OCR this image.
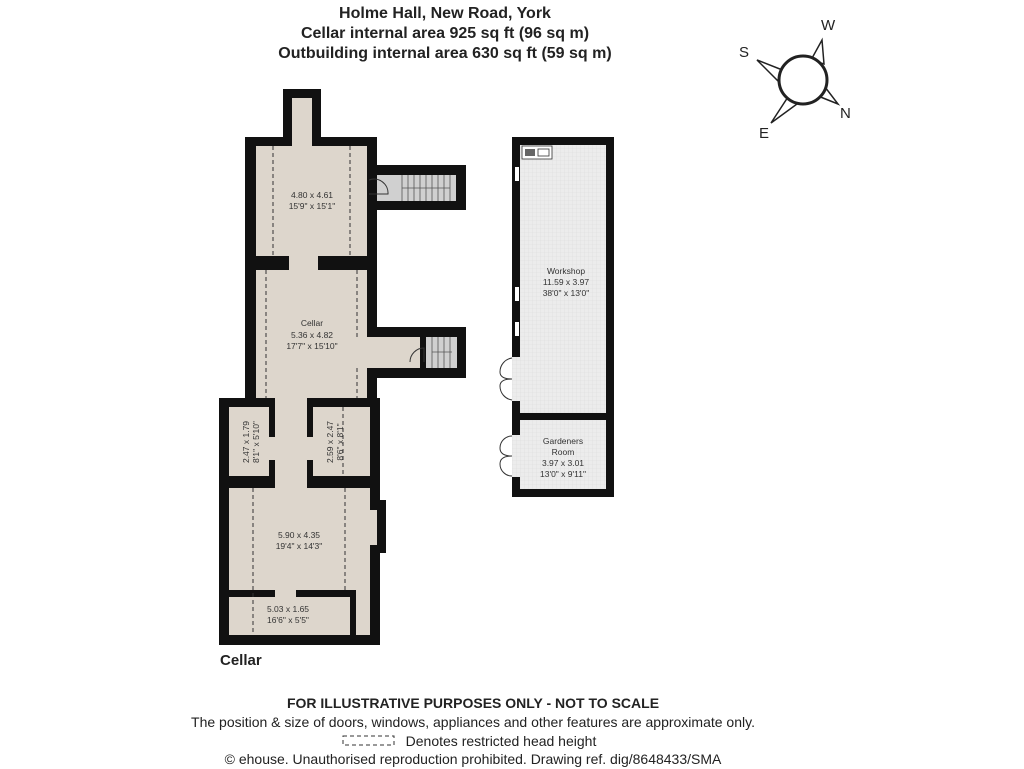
Holme Hall, New Road, York
Cellar internal area 925 sq ft (96 sq m)
Outbuilding internal area 630 sq ft (59 sq m)
4.80 x 4.61
15'9" x 15'1"
Cellar
5.36 x 4.82
17'7" x 15'10"
2.47 x 1.79 8'1" x 5'10"	2.59 x 2.47 8'6" x 8'1"
5.90 x 4.35
19'4" x 14'3"
5.03 x 1.65
16'6" x 5'5"
Workshop
11.59 x 3.97
38'0" x 13'0"
Gardeners
Room
3.97 x 3.01
13'0" x 9'11"
S
W
E
N
Cellar
FOR ILLUSTRATIVE PURPOSES ONLY - NOT TO SCALE
The position & size of doors, windows, appliances and other features are approximate only.
Denotes restricted head height
© ehouse. Unauthorised reproduction prohibited. Drawing ref. dig/8648433/SMA
